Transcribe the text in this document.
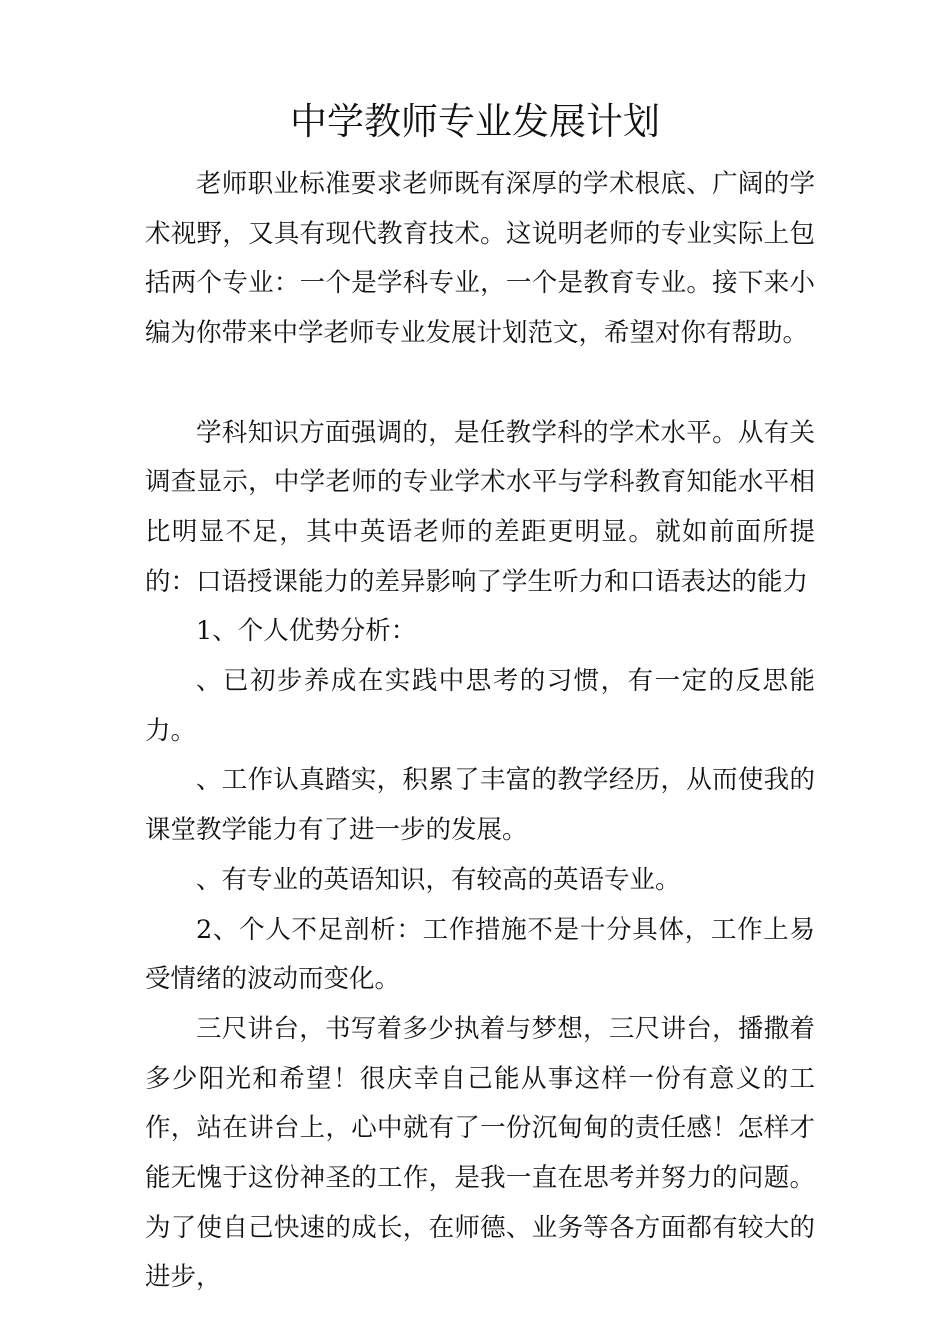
中学教师专业发展计划

老师职业标准要求老师既有深厚的学术根底、广阔的学术视野，又具有现代教育技术。这说明老师的专业实际上包括两个专业：一个是学科专业，一个是教育专业。接下来小编为你带来中学老师专业发展计划范文，希望对你有帮助。

学科知识方面强调的，是任教学科的学术水平。从有关调查显示，中学老师的专业学术水平与学科教育知能水平相比明显不足，其中英语老师的差距更明显。就如前面所提的：口语授课能力的差异影响了学生听力和口语表达的能力

1、个人优势分析：

、已初步养成在实践中思考的习惯，有一定的反思能力。

、工作认真踏实，积累了丰富的教学经历，从而使我的课堂教学能力有了进一步的发展。

、有专业的英语知识，有较高的英语专业。

2、个人不足剖析：工作措施不是十分具体，工作上易受情绪的波动而变化。

三尺讲台，书写着多少执着与梦想，三尺讲台，播撒着多少阳光和希望！很庆幸自己能从事这样一份有意义的工作，站在讲台上，心中就有了一份沉甸甸的责任感！怎样才能无愧于这份神圣的工作，是我一直在思考并努力的问题。为了使自己快速的成长，在师德、业务等各方面都有较大的进步，
